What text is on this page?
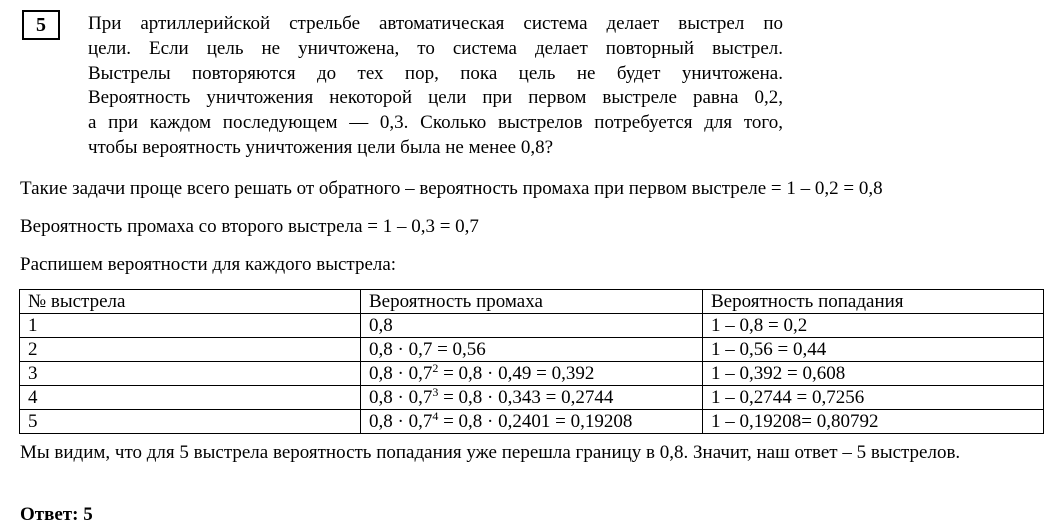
5	При артиллерийской стрельбе автоматическая система делает выстрел по
цели. Если цель не уничтожена, то система делает повторный выстрел.
Выстрелы повторяются до тех пор, пока цель не будет уничтожена.
Вероятность уничтожения некоторой цели при первом выстреле равна 0,2,
а при каждом последующем — 0,3. Сколько выстрелов потребуется для того,
чтобы вероятность уничтожения цели была не менее 0,8?
Такие задачи проще всего решать от обратного – вероятность промаха при первом выстреле = 1 – 0,2 = 0,8
Вероятность промаха со второго выстрела = 1 – 0,3 = 0,7
Распишем вероятности для каждого выстрела:
№ выстрела	Вероятность промаха	Вероятность попадания
1	0,8	1 – 0,8 = 0,2
2	0,8 · 0,7 = 0,56	1 – 0,56 = 0,44
3	$0,8 \cdot 0,7^2 = 0,8 \cdot 0,49 = 0,392$	1 – 0,392 = 0,608
4	$0,8 \cdot 0,7^3 = 0,8 \cdot 0,343 = 0,2744$	1 – 0,2744 = 0,7256
5	$0,8 \cdot 0,7^4 = 0,8 \cdot 0,2401 = 0,19208$	1 – 0,19208= 0,80792
Мы видим, что для 5 выстрела вероятность попадания уже перешла границу в 0,8. Значит, наш ответ – 5 выстрелов.
Ответ: 5
